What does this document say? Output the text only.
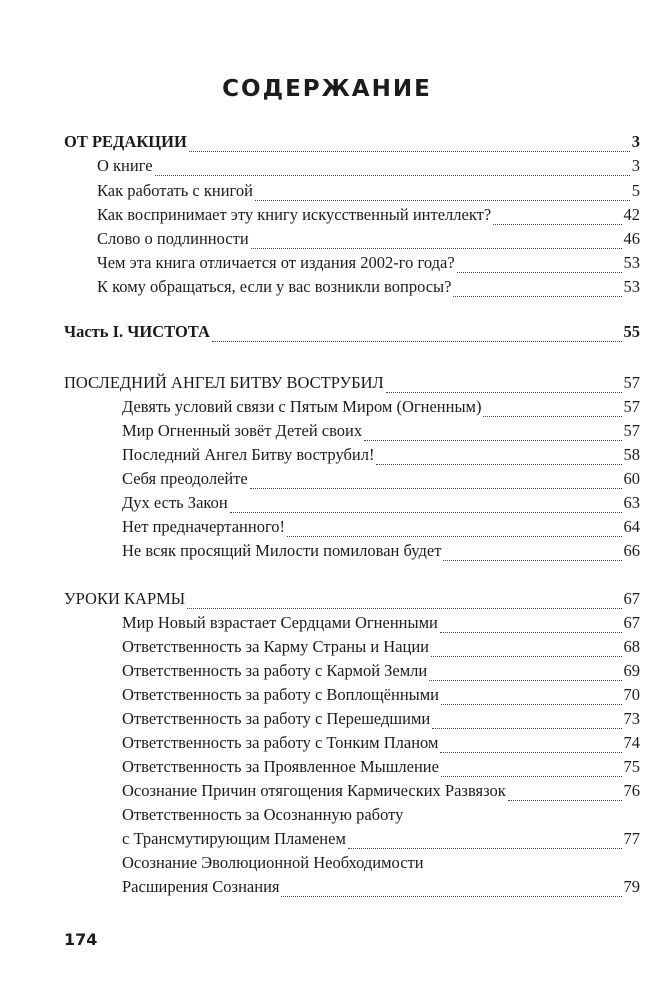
СОДЕРЖАНИЕ
ОТ РЕДАКЦИИ	3
О книге	3
Как работать с книгой	5
Как воспринимает эту книгу искусственный интеллект?	42
Слово о подлинности	46
Чем эта книга отличается от издания 2002-го года?	53
К кому обращаться, если у вас возникли вопросы?	53
Часть I. ЧИСТОТА	55
ПОСЛЕДНИЙ АНГЕЛ БИТВУ ВОСТРУБИЛ	57
Девять условий связи с Пятым Миром (Огненным)	57
Мир Огненный зовёт Детей своих	57
Последний Ангел Битву вострубил!	58
Себя преодолейте	60
Дух есть Закон	63
Нет предначертанного!	64
Не всяк просящий Милости помилован будет	66
УРОКИ КАРМЫ	67
Мир Новый взрастает Сердцами Огненными	67
Ответственность за Карму Страны и Нации	68
Ответственность за работу с Кармой Земли	69
Ответственность за работу с Воплощёнными	70
Ответственность за работу с Перешедшими	73
Ответственность за работу с Тонким Планом	74
Ответственность за Проявленное Мышление	75
Осознание Причин отягощения Кармических Развязок	76
Ответственность за Осознанную работу
с Трансмутирующим Пламенем	77
Осознание Эволюционной Необходимости
Расширения Сознания	79
174
